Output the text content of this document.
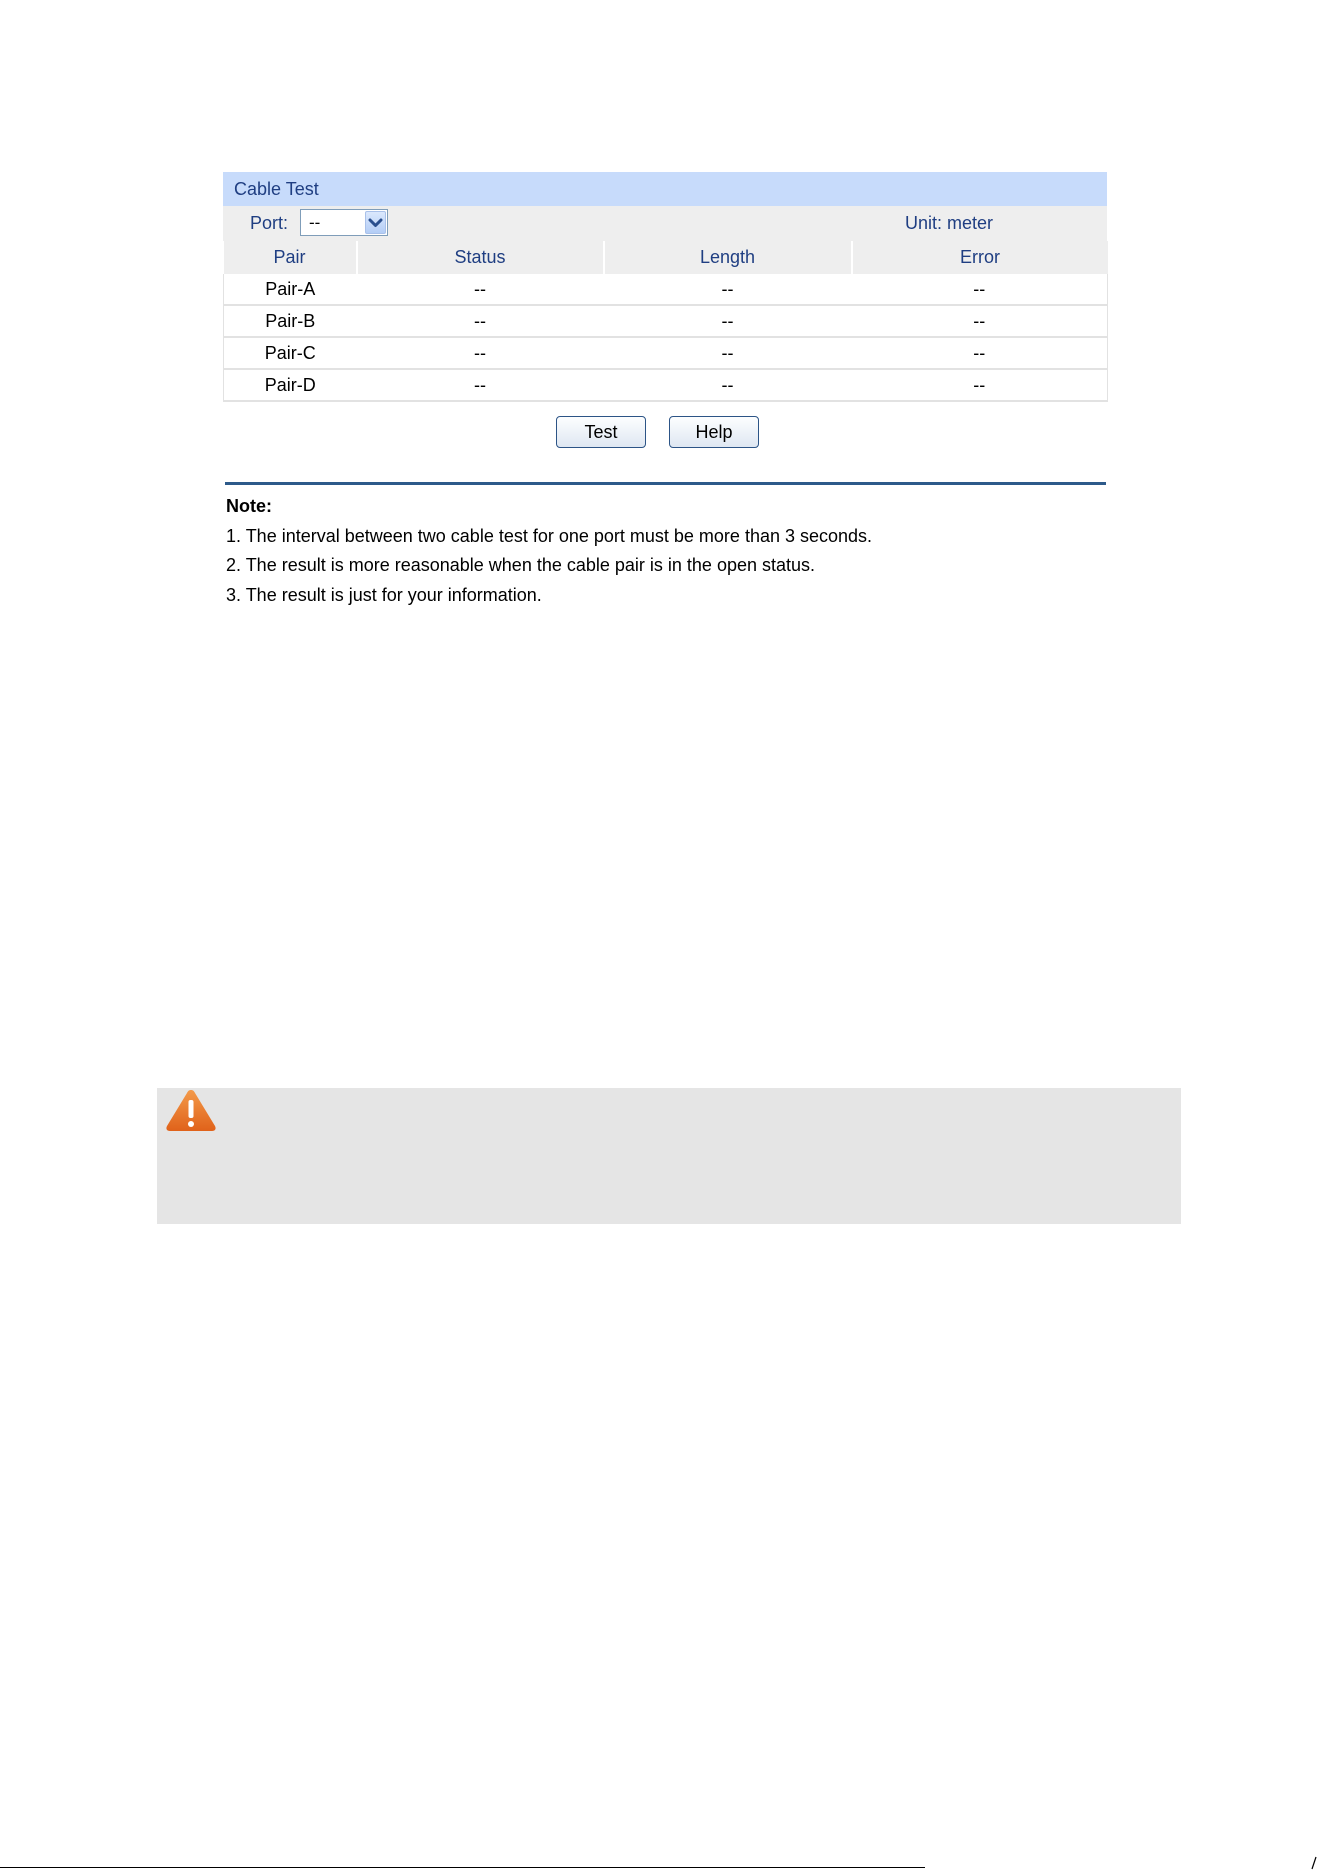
Cable Test
Port: --	Unit: meter
Pair	Status	Length	Error
Pair-A	--	--	--
Pair-B	--	--	--
Pair-C	--	--	--
Pair-D	--	--	--
Test	Help
Note:
1. The interval between two cable test for one port must be more than 3 seconds.
2. The result is more reasonable when the cable pair is in the open status.
3. The result is just for your information.
